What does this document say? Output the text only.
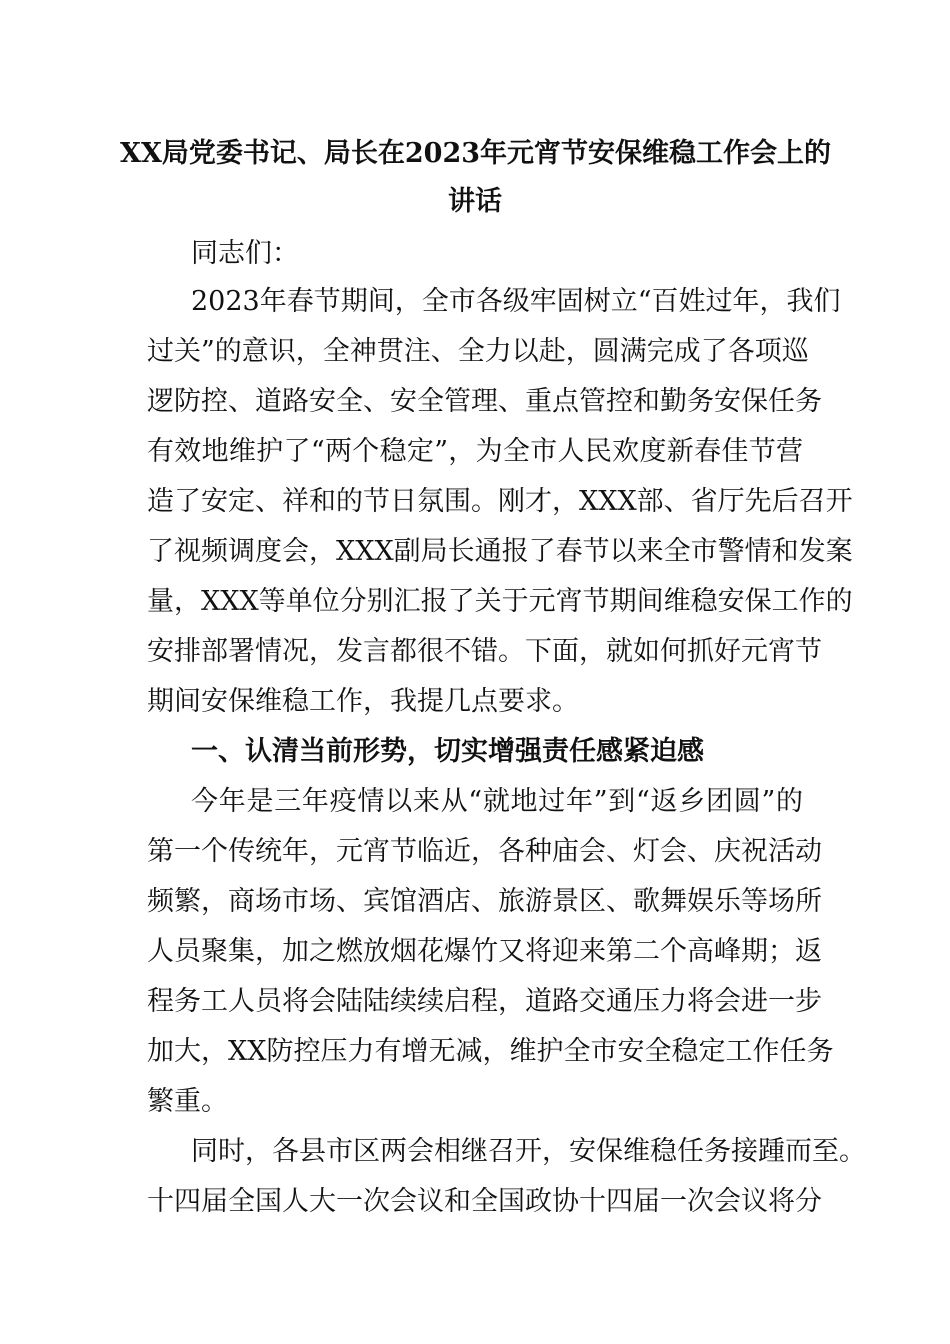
XX局党委书记、局长在2023年元宵节安保维稳工作会上的
讲话
同志们：
2023年春节期间，全市各级牢固树立“百姓过年，我们
过关”的意识，全神贯注、全力以赴，圆满完成了各项巡
逻防控、道路安全、安全管理、重点管控和勤务安保任务
有效地维护了“两个稳定”，为全市人民欢度新春佳节营
造了安定、祥和的节日氛围。刚才，XXX部、省厅先后召开
了视频调度会，XXX副局长通报了春节以来全市警情和发案
量，XXX等单位分别汇报了关于元宵节期间维稳安保工作的
安排部署情况，发言都很不错。下面，就如何抓好元宵节
期间安保维稳工作，我提几点要求。
一、认清当前形势，切实增强责任感紧迫感
今年是三年疫情以来从“就地过年”到“返乡团圆”的
第一个传统年，元宵节临近，各种庙会、灯会、庆祝活动
频繁，商场市场、宾馆酒店、旅游景区、歌舞娱乐等场所
人员聚集，加之燃放烟花爆竹又将迎来第二个高峰期；返
程务工人员将会陆陆续续启程，道路交通压力将会进一步
加大，XX防控压力有增无减，维护全市安全稳定工作任务
繁重。
同时，各县市区两会相继召开，安保维稳任务接踵而至。
十四届全国人大一次会议和全国政协十四届一次会议将分
